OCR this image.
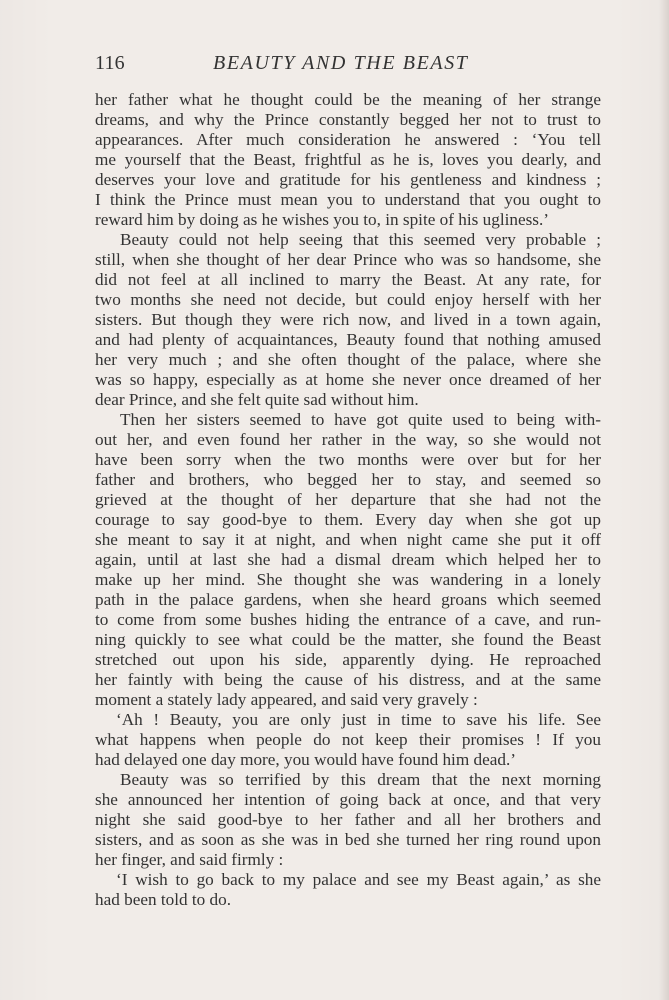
116	BEAUTY AND THE BEAST
her father what he thought could be the meaning of her strange
dreams, and why the Prince constantly begged her not to trust to
appearances. After much consideration he answered : ‘You tell
me yourself that the Beast, frightful as he is, loves you dearly, and
deserves your love and gratitude for his gentleness and kindness ;
I think the Prince must mean you to understand that you ought to
reward him by doing as he wishes you to, in spite of his ugliness.’
Beauty could not help seeing that this seemed very probable ;
still, when she thought of her dear Prince who was so handsome, she
did not feel at all inclined to marry the Beast. At any rate, for
two months she need not decide, but could enjoy herself with her
sisters. But though they were rich now, and lived in a town again,
and had plenty of acquaintances, Beauty found that nothing amused
her very much ; and she often thought of the palace, where she
was so happy, especially as at home she never once dreamed of her
dear Prince, and she felt quite sad without him.
Then her sisters seemed to have got quite used to being with-
out her, and even found her rather in the way, so she would not
have been sorry when the two months were over but for her
father and brothers, who begged her to stay, and seemed so
grieved at the thought of her departure that she had not the
courage to say good-bye to them. Every day when she got up
she meant to say it at night, and when night came she put it off
again, until at last she had a dismal dream which helped her to
make up her mind. She thought she was wandering in a lonely
path in the palace gardens, when she heard groans which seemed
to come from some bushes hiding the entrance of a cave, and run-
ning quickly to see what could be the matter, she found the Beast
stretched out upon his side, apparently dying. He reproached
her faintly with being the cause of his distress, and at the same
moment a stately lady appeared, and said very gravely :
‘Ah ! Beauty, you are only just in time to save his life. See
what happens when people do not keep their promises ! If you
had delayed one day more, you would have found him dead.’
Beauty was so terrified by this dream that the next morning
she announced her intention of going back at once, and that very
night she said good-bye to her father and all her brothers and
sisters, and as soon as she was in bed she turned her ring round upon
her finger, and said firmly :
‘I wish to go back to my palace and see my Beast again,’ as she
had been told to do.
